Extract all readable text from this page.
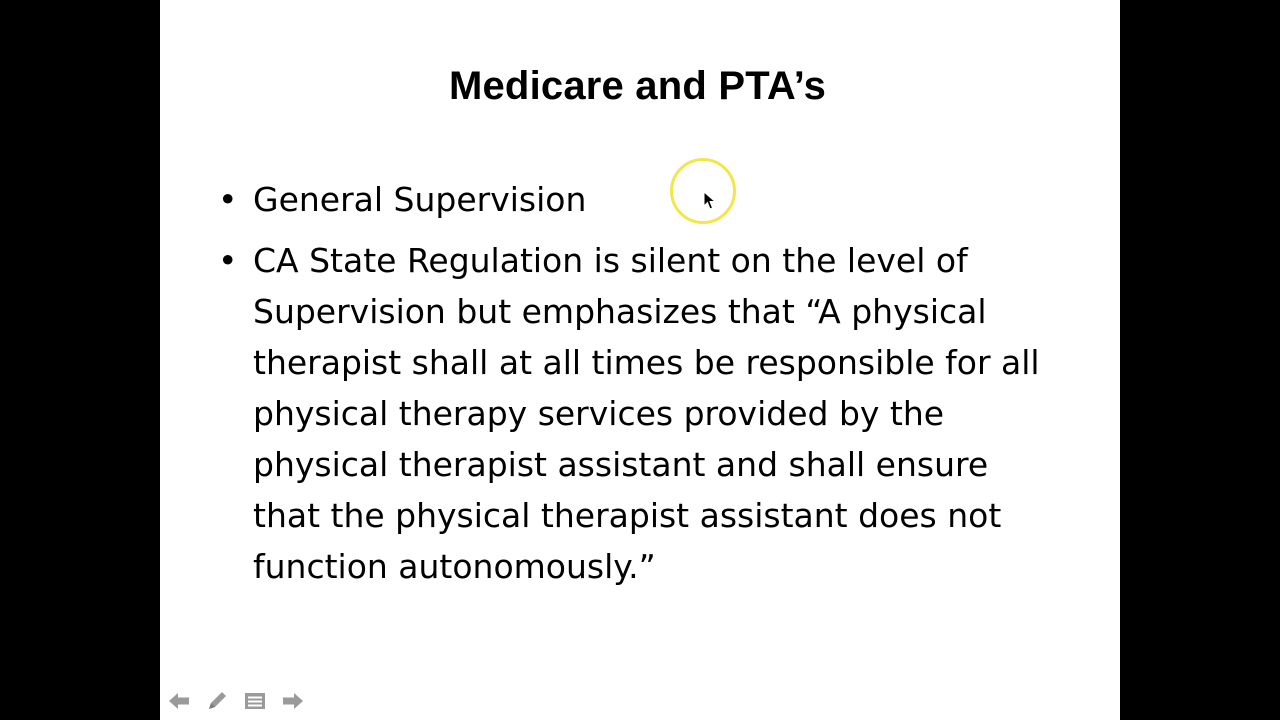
Medicare and PTA’s
• General Supervision
• CA State Regulation is silent on the level of Supervision but emphasizes that “A physical therapist shall at all times be responsible for all physical therapy services provided by the physical therapist assistant and shall ensure that the physical therapist assistant does not function autonomously.”
